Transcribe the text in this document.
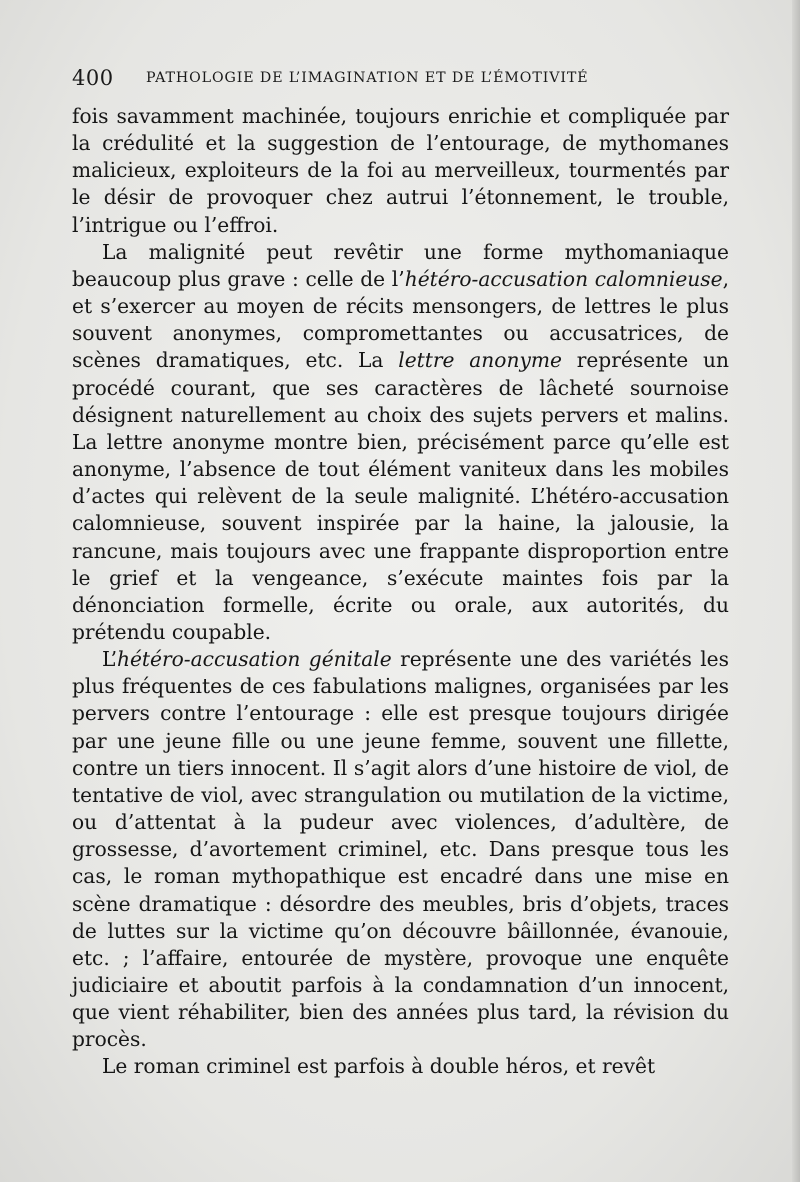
400 PATHOLOGIE DE L’IMAGINATION ET DE L’ÉMOTIVITÉ

fois savamment machinée, toujours enrichie et compliquée par la crédulité et la suggestion de l’entourage, de mythomanes malicieux, exploiteurs de la foi au merveilleux, tourmentés par le désir de provoquer chez autrui l’étonnement, le trouble, l’intrigue ou l’effroi.

La malignité peut revêtir une forme mythomaniaque beaucoup plus grave : celle de l’hétéro-accusation calomnieuse, et s’exercer au moyen de récits mensongers, de lettres le plus souvent anonymes, compromettantes ou accusatrices, de scènes dramatiques, etc. La lettre anonyme représente un procédé courant, que ses caractères de lâcheté sournoise désignent naturellement au choix des sujets pervers et malins. La lettre anonyme montre bien, précisément parce qu’elle est anonyme, l’absence de tout élément vaniteux dans les mobiles d’actes qui relèvent de la seule malignité. L’hétéro-accusation calomnieuse, souvent inspirée par la haine, la jalousie, la rancune, mais toujours avec une frappante disproportion entre le grief et la vengeance, s’exécute maintes fois par la dénonciation formelle, écrite ou orale, aux autorités, du prétendu coupable.

L’hétéro-accusation génitale représente une des variétés les plus fréquentes de ces fabulations malignes, organisées par les pervers contre l’entourage : elle est presque toujours dirigée par une jeune fille ou une jeune femme, souvent une fillette, contre un tiers innocent. Il s’agit alors d’une histoire de viol, de tentative de viol, avec strangulation ou mutilation de la victime, ou d’attentat à la pudeur avec violences, d’adultère, de grossesse, d’avortement criminel, etc. Dans presque tous les cas, le roman mythopathique est encadré dans une mise en scène dramatique : désordre des meubles, bris d’objets, traces de luttes sur la victime qu’on découvre bâillonnée, évanouie, etc. ; l’affaire, entourée de mystère, provoque une enquête judiciaire et aboutit parfois à la condamnation d’un innocent, que vient réhabiliter, bien des années plus tard, la révision du procès.

Le roman criminel est parfois à double héros, et revêt
